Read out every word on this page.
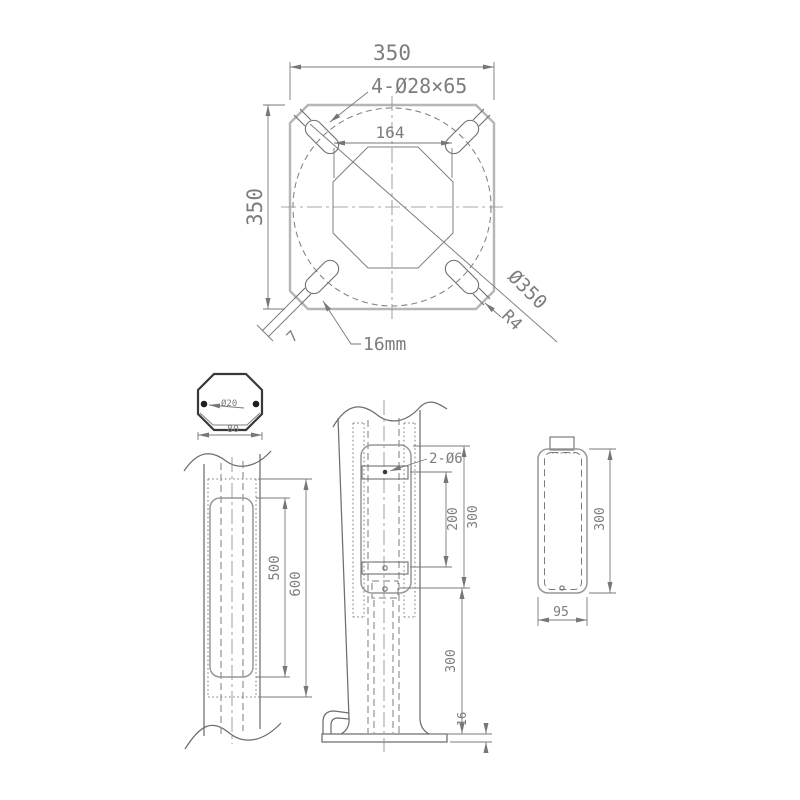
350
350
164
4-Ø28×65
Ø350
R4
7	16mm
Ø20
80
500
600
2-Ø6
200 300
300
16
300
95
